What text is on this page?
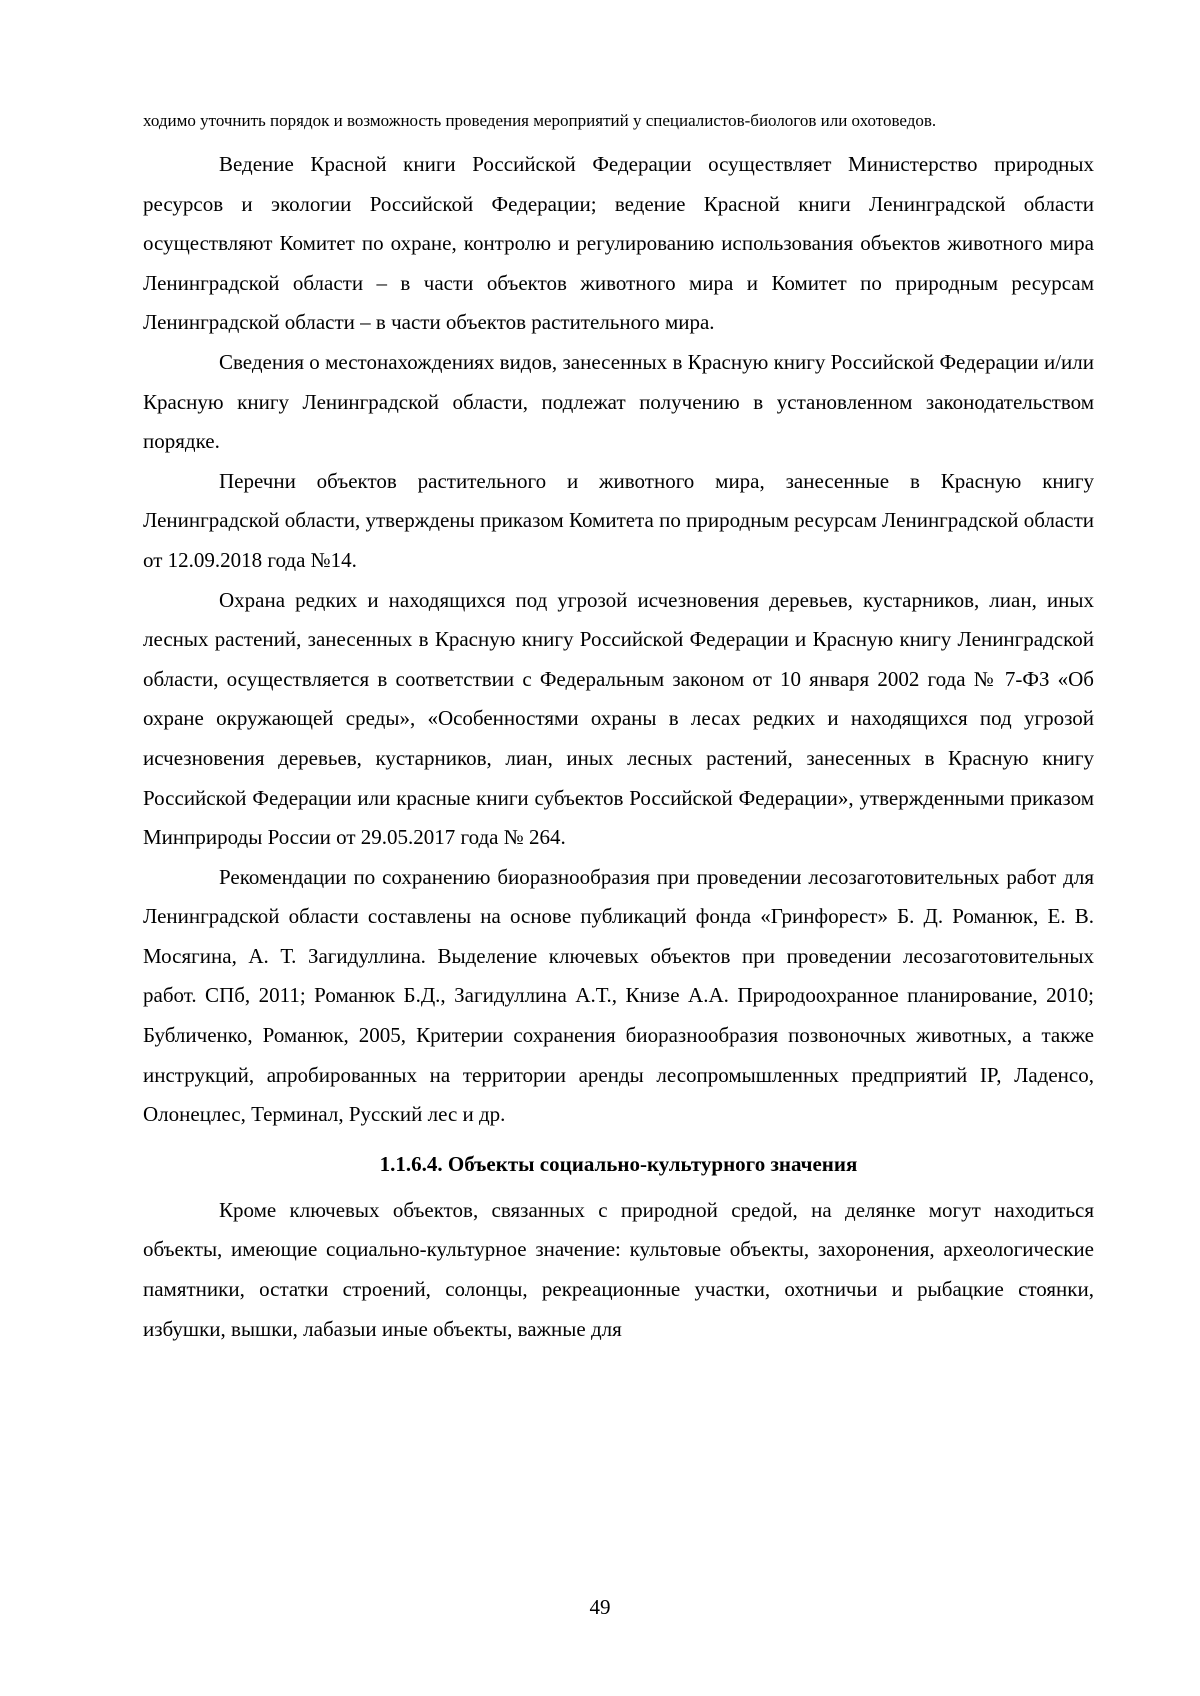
ходимо уточнить порядок и возможность проведения мероприятий у специалистов-биологов или охотоведов.

Ведение Красной книги Российской Федерации осуществляет Министерство природных ресурсов и экологии Российской Федерации; ведение Красной книги Ленинградской области осуществляют Комитет по охране, контролю и регулированию использования объектов животного мира Ленинградской области – в части объектов животного мира и Комитет по природным ресурсам Ленинградской области – в части объектов растительного мира.

Сведения о местонахождениях видов, занесенных в Красную книгу Российской Федерации и/или Красную книгу Ленинградской области, подлежат получению в установленном законодательством порядке.

Перечни объектов растительного и животного мира, занесенные в Красную книгу Ленинградской области, утверждены приказом Комитета по природным ресурсам Ленинградской области от 12.09.2018 года №14.

Охрана редких и находящихся под угрозой исчезновения деревьев, кустарников, лиан, иных лесных растений, занесенных в Красную книгу Российской Федерации и Красную книгу Ленинградской области, осуществляется в соответствии с Федеральным законом от 10 января 2002 года № 7-ФЗ «Об охране окружающей среды», «Особенностями охраны в лесах редких и находящихся под угрозой исчезновения деревьев, кустарников, лиан, иных лесных растений, занесенных в Красную книгу Российской Федерации или красные книги субъектов Российской Федерации», утвержденными приказом Минприроды России от 29.05.2017 года № 264.

Рекомендации по сохранению биоразнообразия при проведении лесозаготовительных работ для Ленинградской области составлены на основе публикаций фонда «Гринфорест» Б. Д. Романюк, Е. В. Мосягина, А. Т. Загидуллина. Выделение ключевых объектов при проведении лесозаготовительных работ. СПб, 2011; Романюк Б.Д., Загидуллина А.Т., Книзе А.А. Природоохранное планирование, 2010; Бубличенко, Романюк, 2005, Критерии сохранения биоразнообразия позвоночных животных, а также инструкций, апробированных на территории аренды лесопромышленных предприятий IP, Ладенсо, Олонецлес, Терминал, Русский лес и др.

1.1.6.4. Объекты социально-культурного значения

Кроме ключевых объектов, связанных с природной средой, на делянке могут находиться объекты, имеющие социально-культурное значение: культовые объекты, захоронения, археологические памятники, остатки строений, солонцы, рекреационные участки, охотничьи и рыбацкие стоянки, избушки, вышки, лабазыи иные объекты, важные для

49
